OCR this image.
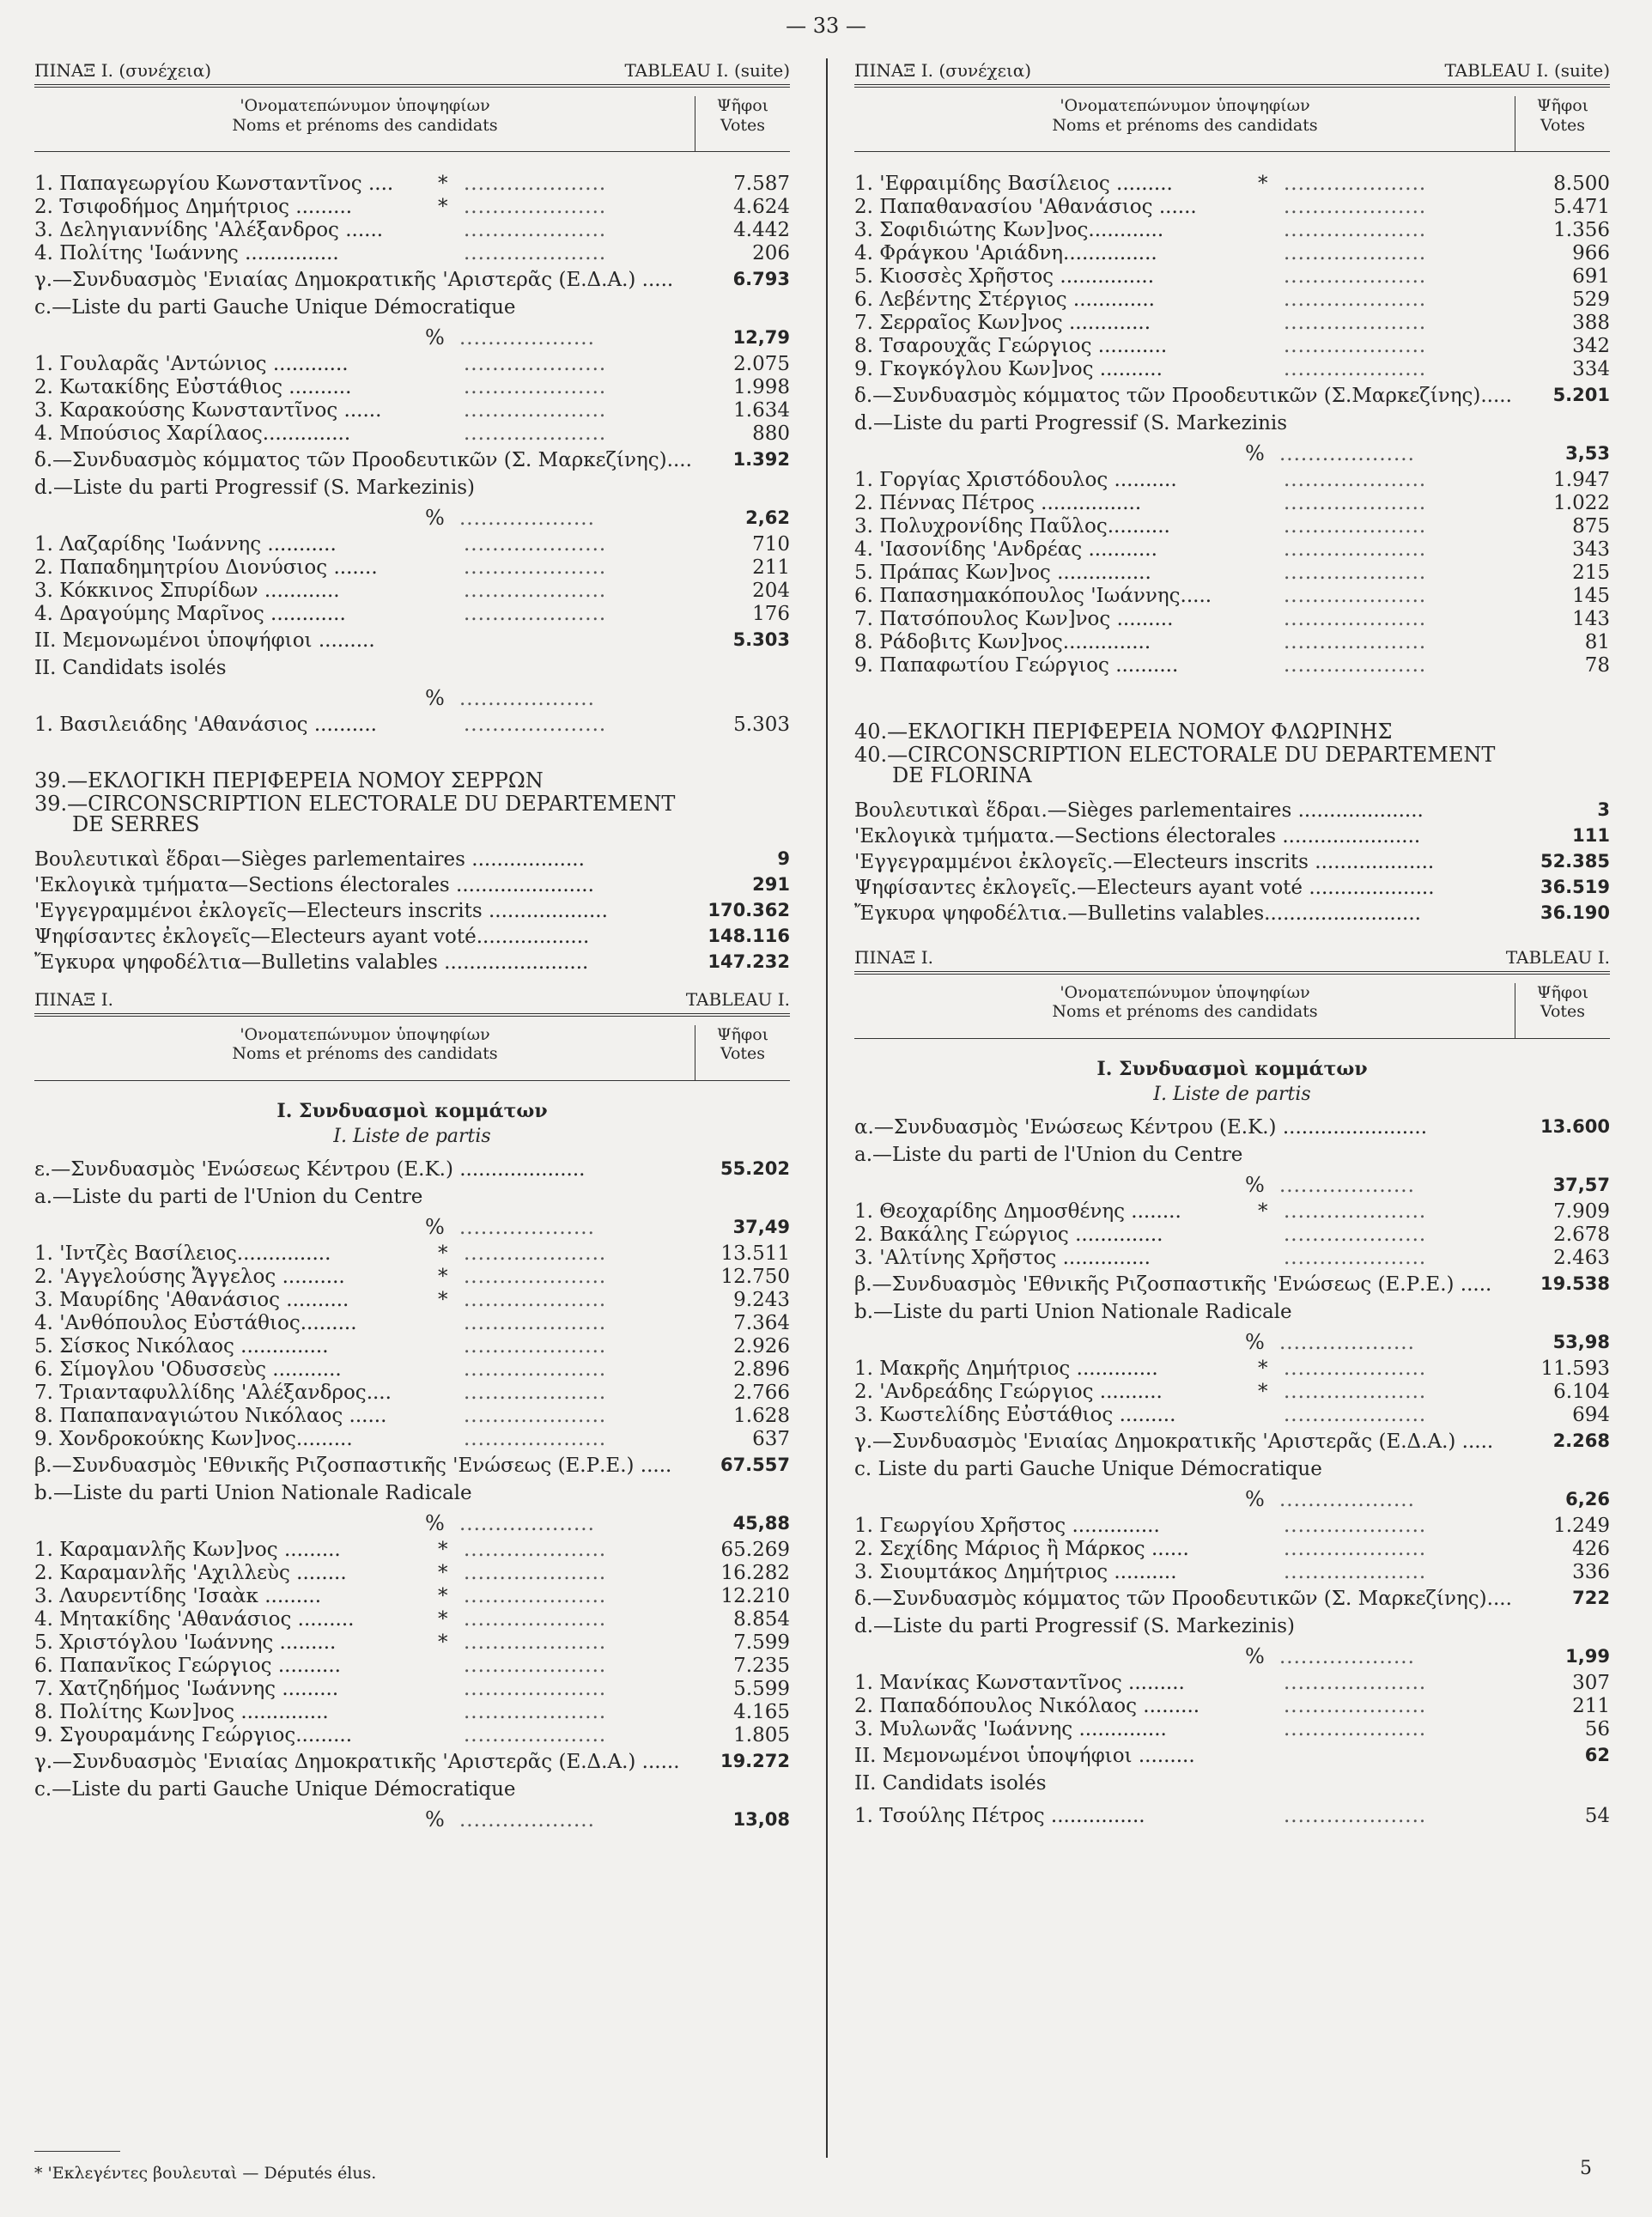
— 33 —
ΠΙΝΑΞ Ι. (συνέχεια)	TABLEAU I. (suite)
'Ονοματεπώνυμον ὑποψηφίων
Noms et prénoms des candidats
Ψῆφοι
Votes
1. Παπαγεωργίου Κωνσταντῖνος .... * ....................	7.587
2. Τσιφοδήμος Δημήτριος .........	* ....................	4.624
3. Δεληγιαννίδης 'Αλέξανδρος ......	....................	4.442
4. Πολίτης 'Ιωάννης ...............	....................	206
γ.—Συνδυασμὸς 'Ενιαίας Δημοκρατικῆς 'Αριστερᾶς (Ε.Δ.Α.) .....	6.793
c.—Liste du parti Gauche Unique Démocratique
% ...................	12,79
1. Γουλαρᾶς 'Αντώνιος ............	....................	2.075
2. Κωτακίδης Εὐστάθιος ..........	....................	1.998
3. Καρακούσης Κωνσταντῖνος ......	....................	1.634
4. Μπούσιος Χαρίλαος..............	....................	880
δ.—Συνδυασμὸς κόμματος τῶν Προοδευτικῶν (Σ. Μαρκεζίνης).... 1.392
d.—Liste du parti Progressif (S. Markezinis)
% ...................	2,62
1. Λαζαρίδης 'Ιωάννης ...........	....................	710
2. Παπαδημητρίου Διονύσιος .......	....................	211
3. Κόκκινος Σπυρίδων ............	....................	204
4. Δραγούμης Μαρῖνος ............	....................	176
II. Μεμονωμένοι ὑποψήφιοι .........	5.303
II. Candidats isolés
% ...................
1. Βασιλειάδης 'Αθανάσιος ..........	....................	5.303
39.—ΕΚΛΟΓΙΚΗ ΠΕΡΙΦΕΡΕΙΑ ΝΟΜΟΥ ΣΕΡΡΩΝ
39.—CIRCONSCRIPTION ELECTORALE DU DEPARTEMENT
DE SERRES
Βουλευτικαὶ ἕδραι—Sièges parlementaires ..................	9
'Εκλογικὰ τμήματα—Sections électorales ......................	291
'Εγγεγραμμένοι ἐκλογεῖς—Electeurs inscrits ...................	170.362
Ψηφίσαντες ἐκλογεῖς—Electeurs ayant voté..................	148.116
Ἔγκυρα ψηφοδέλτια—Bulletins valables .......................	147.232
ΠΙΝΑΞ Ι.	TABLEAU I.
'Ονοματεπώνυμον ὑποψηφίων
Noms et prénoms des candidats
Ψῆφοι
Votes
Ι. Συνδυασμοὶ κομμάτων
I. Liste de partis
ε.—Συνδυασμὸς 'Ενώσεως Κέντρου (Ε.Κ.) ....................	55.202
a.—Liste du parti de l'Union du Centre
% ...................	37,49
1. 'Ιντζὲς Βασίλειος...............	* ....................	13.511
2. 'Αγγελούσης Ἄγγελος ..........	* ....................	12.750
3. Μαυρίδης 'Αθανάσιος ..........	* ....................	9.243
4. 'Ανθόπουλος Εὐστάθιος.........	....................	7.364
5. Σίσκος Νικόλαος ..............	....................	2.926
6. Σίμογλου 'Οδυσσεὺς ...........	....................	2.896
7. Τριανταφυλλίδης 'Αλέξανδρος....	....................	2.766
8. Παπαπαναγιώτου Νικόλαος ......	....................	1.628
9. Χονδροκούκης Κων]νος.........	....................	637
β.—Συνδυασμὸς 'Εθνικῆς Ριζοσπαστικῆς 'Ενώσεως (Ε.Ρ.Ε.) .....	67.557
b.—Liste du parti Union Nationale Radicale
% ...................	45,88
1. Καραμανλῆς Κων]νος .........	* ....................	65.269
2. Καραμανλῆς 'Αχιλλεὺς ........	* ....................	16.282
3. Λαυρεντίδης 'Ισαὰκ .........	* ....................	12.210
4. Μητακίδης 'Αθανάσιος .........	* ....................	8.854
5. Χριστόγλου 'Ιωάννης .........	* ....................	7.599
6. Παπανῖκος Γεώργιος ..........	....................	7.235
7. Χατζηδήμος 'Ιωάννης .........	....................	5.599
8. Πολίτης Κων]νος ..............	....................	4.165
9. Σγουραμάνης Γεώργιος.........	....................	1.805
γ.—Συνδυασμὸς 'Ενιαίας Δημοκρατικῆς 'Αριστερᾶς (Ε.Δ.Α.) ...... 19.272
c.—Liste du parti Gauche Unique Démocratique
% ...................	13,08
ΠΙΝΑΞ Ι. (συνέχεια)	TABLEAU I. (suite)
'Ονοματεπώνυμον ὑποψηφίων
Noms et prénoms des candidats
Ψῆφοι
Votes
1. 'Εφραιμίδης Βασίλειος .........	* ....................	8.500
2. Παπαθανασίου 'Αθανάσιος ......	....................	5.471
3. Σοφιδιώτης Κων]νος............	....................	1.356
4. Φράγκου 'Αριάδνη...............	....................	966
5. Κιοσσὲς Χρῆστος ...............	....................	691
6. Λεβέντης Στέργιος .............	....................	529
7. Σερραῖος Κων]νος .............	....................	388
8. Τσαρουχᾶς Γεώργιος ...........	....................	342
9. Γκογκόγλου Κων]νος ..........	....................	334
δ.—Συνδυασμὸς κόμματος τῶν Προοδευτικῶν (Σ.Μαρκεζίνης)..... 5.201
d.—Liste du parti Progressif (S. Markezinis
% ...................	3,53
1. Γοργίας Χριστόδουλος ..........	....................	1.947
2. Πέννας Πέτρος ................	....................	1.022
3. Πολυχρονίδης Παῦλος..........	....................	875
4. 'Ιασονίδης 'Ανδρέας ...........	....................	343
5. Πράπας Κων]νος ...............	....................	215
6. Παπασημακόπουλος 'Ιωάννης.....	....................	145
7. Πατσόπουλος Κων]νος .........	....................	143
8. Ράδοβιτς Κων]νος..............	....................	81
9. Παπαφωτίου Γεώργιος ..........	....................	78
40.—ΕΚΛΟΓΙΚΗ ΠΕΡΙΦΕΡΕΙΑ ΝΟΜΟΥ ΦΛΩΡΙΝΗΣ
40.—CIRCONSCRIPTION ELECTORALE DU DEPARTEMENT
DE FLORINA
Βουλευτικαὶ ἕδραι.—Sièges parlementaires ....................	3
'Εκλογικὰ τμήματα.—Sections électorales ......................	111
'Εγγεγραμμένοι ἐκλογεῖς.—Electeurs inscrits ...................	52.385
Ψηφίσαντες ἐκλογεῖς.—Electeurs ayant voté ....................	36.519
Ἔγκυρα ψηφοδέλτια.—Bulletins valables.........................	36.190
ΠΙΝΑΞ Ι.	TABLEAU I.
'Ονοματεπώνυμον ὑποψηφίων
Noms et prénoms des candidats
Ψῆφοι
Votes
Ι. Συνδυασμοὶ κομμάτων
I. Liste de partis
α.—Συνδυασμὸς 'Ενώσεως Κέντρου (Ε.Κ.) .......................	13.600
a.—Liste du parti de l'Union du Centre
% ...................	37,57
1. Θεοχαρίδης Δημοσθένης ........	* ....................	7.909
2. Βακάλης Γεώργιος ..............	....................	2.678
3. 'Αλτίνης Χρῆστος ..............	....................	2.463
β.—Συνδυασμὸς 'Εθνικῆς Ριζοσπαστικῆς 'Ενώσεως (Ε.Ρ.Ε.) .....	19.538
b.—Liste du parti Union Nationale Radicale
% ...................	53,98
1. Μακρῆς Δημήτριος .............	* ....................	11.593
2. 'Ανδρεάδης Γεώργιος ..........	* ....................	6.104
3. Κωστελίδης Εὐστάθιος .........	....................	694
γ.—Συνδυασμὸς 'Ενιαίας Δημοκρατικῆς 'Αριστερᾶς (Ε.Δ.Α.) .....	2.268
c. Liste du parti Gauche Unique Démocratique
% ...................	6,26
1. Γεωργίου Χρῆστος ..............	....................	1.249
2. Σεχίδης Μάριος ἢ Μάρκος ......	....................	426
3. Σιουμτάκος Δημήτριος ..........	....................	336
δ.—Συνδυασμὸς κόμματος τῶν Προοδευτικῶν (Σ. Μαρκεζίνης)....	722
d.—Liste du parti Progressif (S. Markezinis)
% ...................	1,99
1. Μανίκας Κωνσταντῖνος .........	....................	307
2. Παπαδόπουλος Νικόλαος .........	....................	211
3. Μυλωνᾶς 'Ιωάννης ..............	....................	56
II. Μεμονωμένοι ὑποψήφιοι .........	62
II. Candidats isolés
1. Τσούλης Πέτρος ...............	....................	54
* 'Εκλεγέντες βουλευταὶ — Députés élus.	5
